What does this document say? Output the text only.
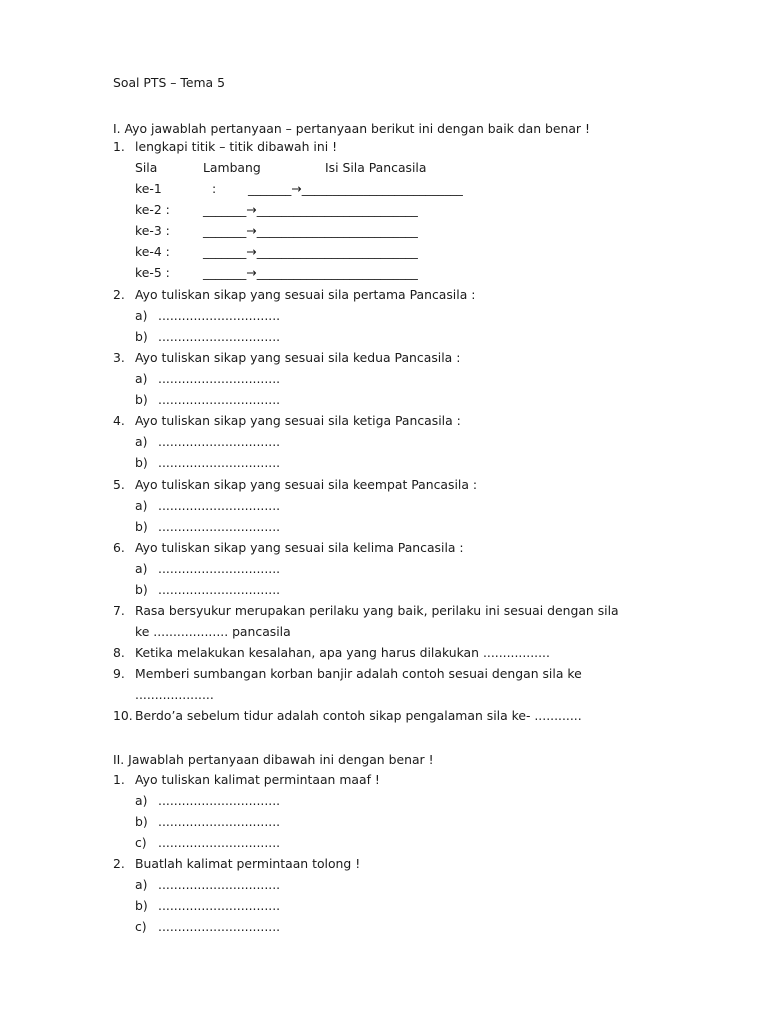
Soal PTS – Tema 5
I. Ayo jawablah pertanyaan – pertanyaan berikut ini dengan baik dan benar !
1. lengkapi titik – titik dibawah ini !
Sila	Lambang	Isi Sila Pancasila
ke-1	:	_______→__________________________
ke-2 :	_______→__________________________
ke-3 :	_______→__________________________
ke-4 :	_______→__________________________
ke-5 :	_______→__________________________
2. Ayo tuliskan sikap yang sesuai sila pertama Pancasila :
a) ...............................
b) ...............................
3. Ayo tuliskan sikap yang sesuai sila kedua Pancasila :
a) ...............................
b) ...............................
4. Ayo tuliskan sikap yang sesuai sila ketiga Pancasila :
a) ...............................
b) ...............................
5. Ayo tuliskan sikap yang sesuai sila keempat Pancasila :
a) ...............................
b) ...............................
6. Ayo tuliskan sikap yang sesuai sila kelima Pancasila :
a) ...............................
b) ...............................
7. Rasa bersyukur merupakan perilaku yang baik, perilaku ini sesuai dengan sila
ke ................... pancasila
8. Ketika melakukan kesalahan, apa yang harus dilakukan .................
9. Memberi sumbangan korban banjir adalah contoh sesuai dengan sila ke
....................
10. Berdo’a sebelum tidur adalah contoh sikap pengalaman sila ke- ............
II. Jawablah pertanyaan dibawah ini dengan benar !
1. Ayo tuliskan kalimat permintaan maaf !
a) ...............................
b) ...............................
c) ...............................
2. Buatlah kalimat permintaan tolong !
a) ...............................
b) ...............................
c) ...............................
